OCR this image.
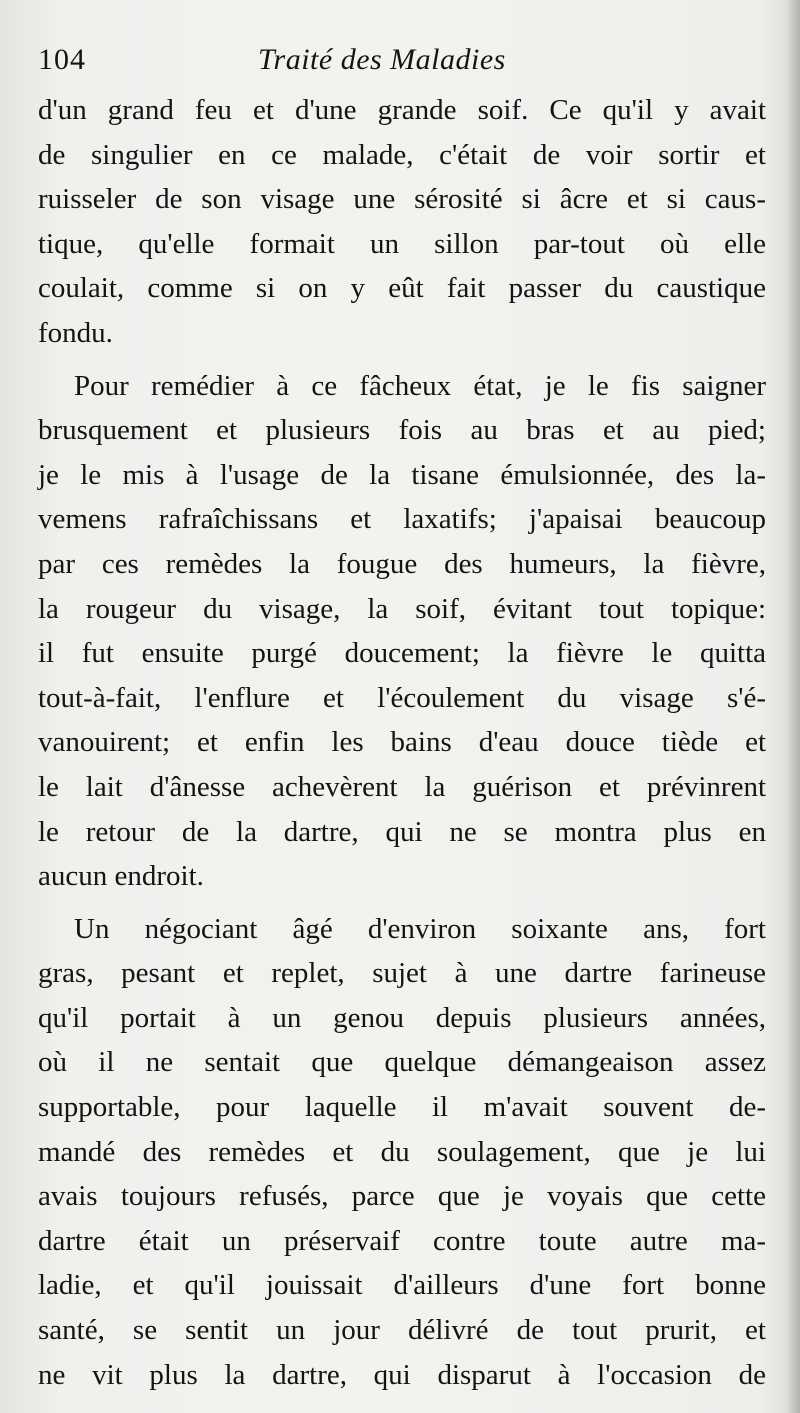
104	Traité des Maladies
d'un grand feu et d'une grande soif. Ce qu'il y avait
de singulier en ce malade, c'était de voir sortir et
ruisseler de son visage une sérosité si âcre et si caus-
tique, qu'elle formait un sillon par-tout où elle
coulait, comme si on y eût fait passer du caustique
fondu.
Pour remédier à ce fâcheux état, je le fis saigner
brusquement et plusieurs fois au bras et au pied;
je le mis à l'usage de la tisane émulsionnée, des la-
vemens rafraîchissans et laxatifs; j'apaisai beaucoup
par ces remèdes la fougue des humeurs, la fièvre,
la rougeur du visage, la soif, évitant tout topique:
il fut ensuite purgé doucement; la fièvre le quitta
tout-à-fait, l'enflure et l'écoulement du visage s'é-
vanouirent; et enfin les bains d'eau douce tiède et
le lait d'ânesse achevèrent la guérison et prévinrent
le retour de la dartre, qui ne se montra plus en
aucun endroit.
Un négociant âgé d'environ soixante ans, fort
gras, pesant et replet, sujet à une dartre farineuse
qu'il portait à un genou depuis plusieurs années,
où il ne sentait que quelque démangeaison assez
supportable, pour laquelle il m'avait souvent de-
mandé des remèdes et du soulagement, que je lui
avais toujours refusés, parce que je voyais que cette
dartre était un préservaif contre toute autre ma-
ladie, et qu'il jouissait d'ailleurs d'une fort bonne
santé, se sentit un jour délivré de tout prurit, et
ne vit plus la dartre, qui disparut à l'occasion de
